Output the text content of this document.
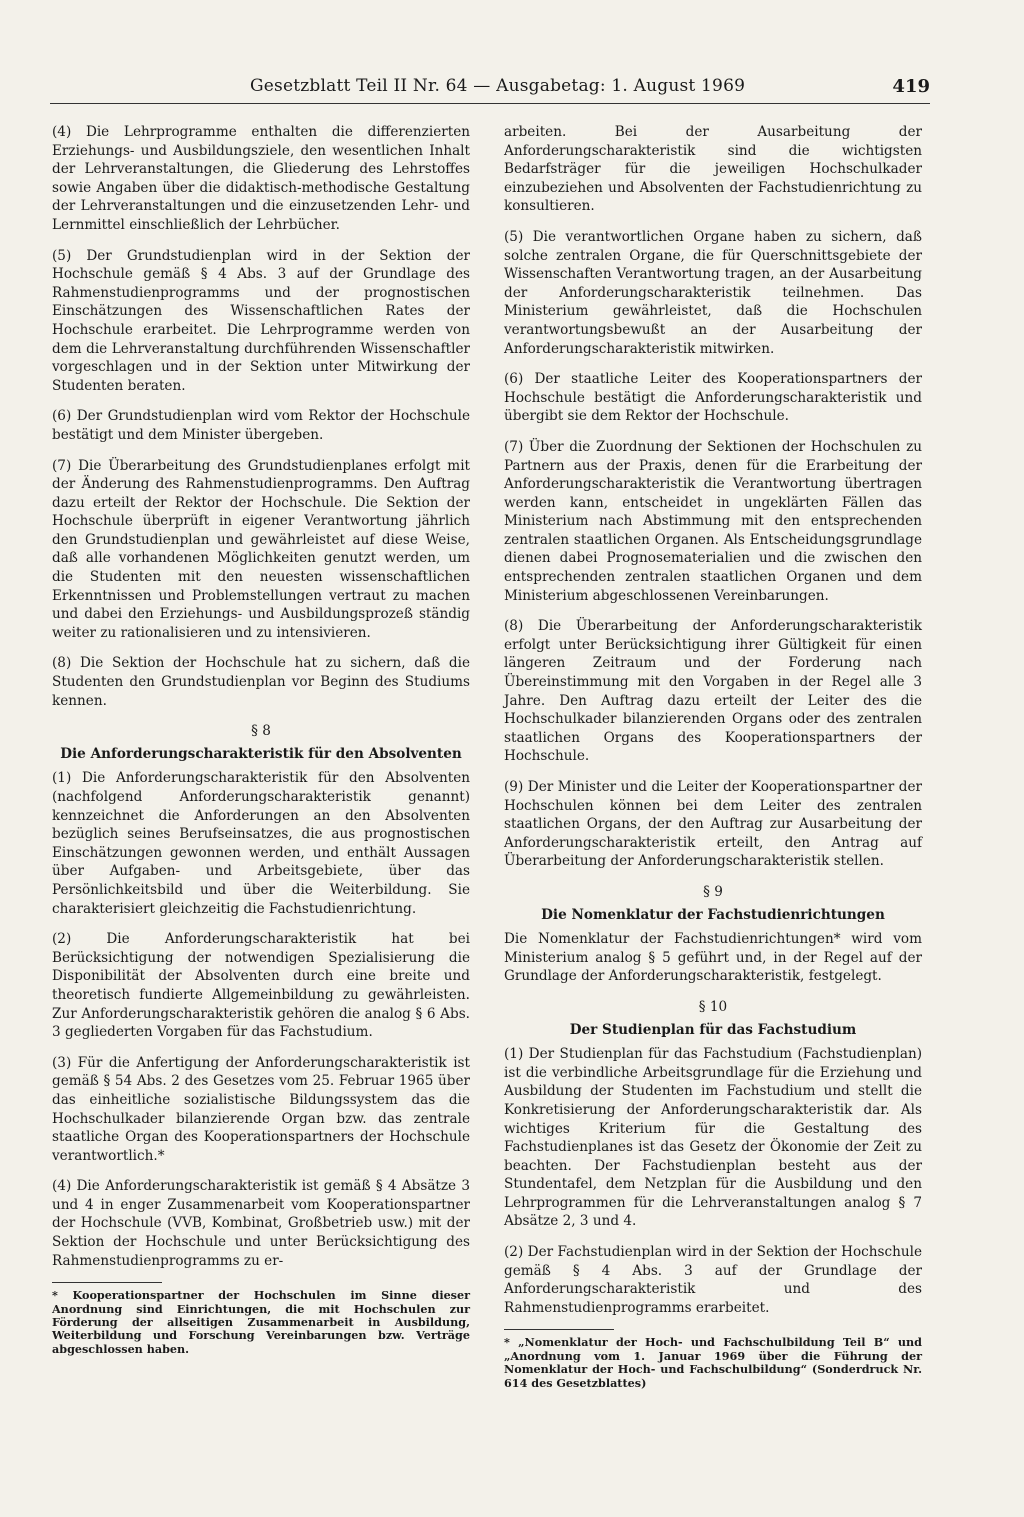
Gesetzblatt Teil II Nr. 64 — Ausgabetag: 1. August 1969	419

(4) Die Lehrprogramme enthalten die differenzierten Erziehungs- und Ausbildungsziele, den wesentlichen Inhalt der Lehrveranstaltungen, die Gliederung des Lehrstoffes sowie Angaben über die didaktisch-methodische Gestaltung der Lehrveranstaltungen und die einzusetzenden Lehr- und Lernmittel einschließlich der Lehrbücher.

(5) Der Grundstudienplan wird in der Sektion der Hochschule gemäß § 4 Abs. 3 auf der Grundlage des Rahmenstudienprogramms und der prognostischen Einschätzungen des Wissenschaftlichen Rates der Hochschule erarbeitet. Die Lehrprogramme werden von dem die Lehrveranstaltung durchführenden Wissenschaftler vorgeschlagen und in der Sektion unter Mitwirkung der Studenten beraten.

(6) Der Grundstudienplan wird vom Rektor der Hochschule bestätigt und dem Minister übergeben.

(7) Die Überarbeitung des Grundstudienplanes erfolgt mit der Änderung des Rahmenstudienprogramms. Den Auftrag dazu erteilt der Rektor der Hochschule. Die Sektion der Hochschule überprüft in eigener Verantwortung jährlich den Grundstudienplan und gewährleistet auf diese Weise, daß alle vorhandenen Möglichkeiten genutzt werden, um die Studenten mit den neuesten wissenschaftlichen Erkenntnissen und Problemstellungen vertraut zu machen und dabei den Erziehungs- und Ausbildungsprozeß ständig weiter zu rationalisieren und zu intensivieren.

(8) Die Sektion der Hochschule hat zu sichern, daß die Studenten den Grundstudienplan vor Beginn des Studiums kennen.

§ 8
Die Anforderungscharakteristik für den Absolventen

(1) Die Anforderungscharakteristik für den Absolventen (nachfolgend Anforderungscharakteristik genannt) kennzeichnet die Anforderungen an den Absolventen bezüglich seines Berufseinsatzes, die aus prognostischen Einschätzungen gewonnen werden, und enthält Aussagen über Aufgaben- und Arbeitsgebiete, über das Persönlichkeitsbild und über die Weiterbildung. Sie charakterisiert gleichzeitig die Fachstudienrichtung.

(2) Die Anforderungscharakteristik hat bei Berücksichtigung der notwendigen Spezialisierung die Disponibilität der Absolventen durch eine breite und theoretisch fundierte Allgemeinbildung zu gewährleisten. Zur Anforderungscharakteristik gehören die analog § 6 Abs. 3 gegliederten Vorgaben für das Fachstudium.

(3) Für die Anfertigung der Anforderungscharakteristik ist gemäß § 54 Abs. 2 des Gesetzes vom 25. Februar 1965 über das einheitliche sozialistische Bildungssystem das die Hochschulkader bilanzierende Organ bzw. das zentrale staatliche Organ des Kooperationspartners der Hochschule verantwortlich.*

(4) Die Anforderungscharakteristik ist gemäß § 4 Absätze 3 und 4 in enger Zusammenarbeit vom Kooperationspartner der Hochschule (VVB, Kombinat, Großbetrieb usw.) mit der Sektion der Hochschule und unter Berücksichtigung des Rahmenstudienprogramms zu er-

* Kooperationspartner der Hochschulen im Sinne dieser Anordnung sind Einrichtungen, die mit Hochschulen zur Förderung der allseitigen Zusammenarbeit in Ausbildung, Weiterbildung und Forschung Vereinbarungen bzw. Verträge abgeschlossen haben.

arbeiten. Bei der Ausarbeitung der Anforderungscharakteristik sind die wichtigsten Bedarfsträger für die jeweiligen Hochschulkader einzubeziehen und Absolventen der Fachstudienrichtung zu konsultieren.

(5) Die verantwortlichen Organe haben zu sichern, daß solche zentralen Organe, die für Querschnittsgebiete der Wissenschaften Verantwortung tragen, an der Ausarbeitung der Anforderungscharakteristik teilnehmen. Das Ministerium gewährleistet, daß die Hochschulen verantwortungsbewußt an der Ausarbeitung der Anforderungscharakteristik mitwirken.

(6) Der staatliche Leiter des Kooperationspartners der Hochschule bestätigt die Anforderungscharakteristik und übergibt sie dem Rektor der Hochschule.

(7) Über die Zuordnung der Sektionen der Hochschulen zu Partnern aus der Praxis, denen für die Erarbeitung der Anforderungscharakteristik die Verantwortung übertragen werden kann, entscheidet in ungeklärten Fällen das Ministerium nach Abstimmung mit den entsprechenden zentralen staatlichen Organen. Als Entscheidungsgrundlage dienen dabei Prognosematerialien und die zwischen den entsprechenden zentralen staatlichen Organen und dem Ministerium abgeschlossenen Vereinbarungen.

(8) Die Überarbeitung der Anforderungscharakteristik erfolgt unter Berücksichtigung ihrer Gültigkeit für einen längeren Zeitraum und der Forderung nach Übereinstimmung mit den Vorgaben in der Regel alle 3 Jahre. Den Auftrag dazu erteilt der Leiter des die Hochschulkader bilanzierenden Organs oder des zentralen staatlichen Organs des Kooperationspartners der Hochschule.

(9) Der Minister und die Leiter der Kooperationspartner der Hochschulen können bei dem Leiter des zentralen staatlichen Organs, der den Auftrag zur Ausarbeitung der Anforderungscharakteristik erteilt, den Antrag auf Überarbeitung der Anforderungscharakteristik stellen.

§ 9
Die Nomenklatur der Fachstudienrichtungen

Die Nomenklatur der Fachstudienrichtungen* wird vom Ministerium analog § 5 geführt und, in der Regel auf der Grundlage der Anforderungscharakteristik, festgelegt.

§ 10
Der Studienplan für das Fachstudium

(1) Der Studienplan für das Fachstudium (Fachstudienplan) ist die verbindliche Arbeitsgrundlage für die Erziehung und Ausbildung der Studenten im Fachstudium und stellt die Konkretisierung der Anforderungscharakteristik dar. Als wichtiges Kriterium für die Gestaltung des Fachstudienplanes ist das Gesetz der Ökonomie der Zeit zu beachten. Der Fachstudienplan besteht aus der Stundentafel, dem Netzplan für die Ausbildung und den Lehrprogrammen für die Lehrveranstaltungen analog § 7 Absätze 2, 3 und 4.

(2) Der Fachstudienplan wird in der Sektion der Hochschule gemäß § 4 Abs. 3 auf der Grundlage der Anforderungscharakteristik und des Rahmenstudienprogramms erarbeitet.

* „Nomenklatur der Hoch- und Fachschulbildung Teil B“ und „Anordnung vom 1. Januar 1969 über die Führung der Nomenklatur der Hoch- und Fachschulbildung“ (Sonderdruck Nr. 614 des Gesetzblattes)
